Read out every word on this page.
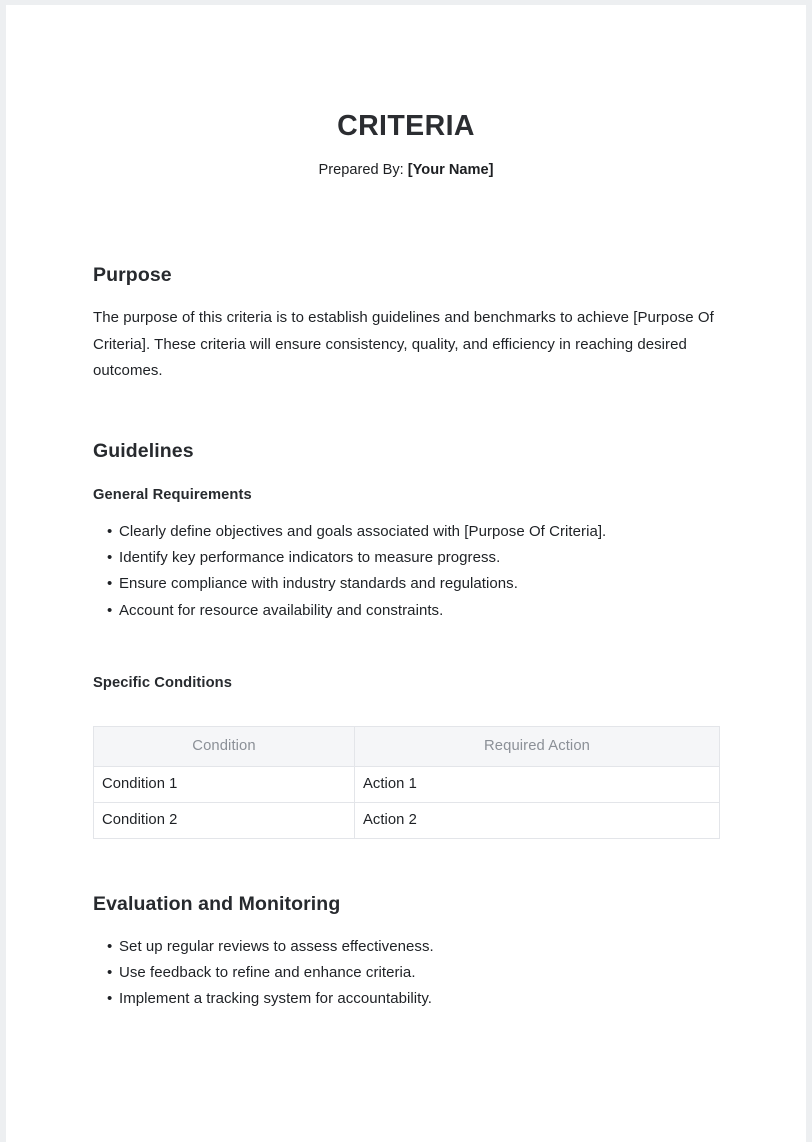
CRITERIA

Prepared By: [Your Name]

Purpose

The purpose of this criteria is to establish guidelines and benchmarks to achieve [Purpose Of Criteria]. These criteria will ensure consistency, quality, and efficiency in reaching desired outcomes.

Guidelines
General Requirements
• Clearly define objectives and goals associated with [Purpose Of Criteria].
• Identify key performance indicators to measure progress.
• Ensure compliance with industry standards and regulations.
• Account for resource availability and constraints.
Specific Conditions
Condition	Required Action
Condition 1	Action 1
Condition 2	Action 2
Evaluation and Monitoring
• Set up regular reviews to assess effectiveness.
• Use feedback to refine and enhance criteria.
• Implement a tracking system for accountability.
